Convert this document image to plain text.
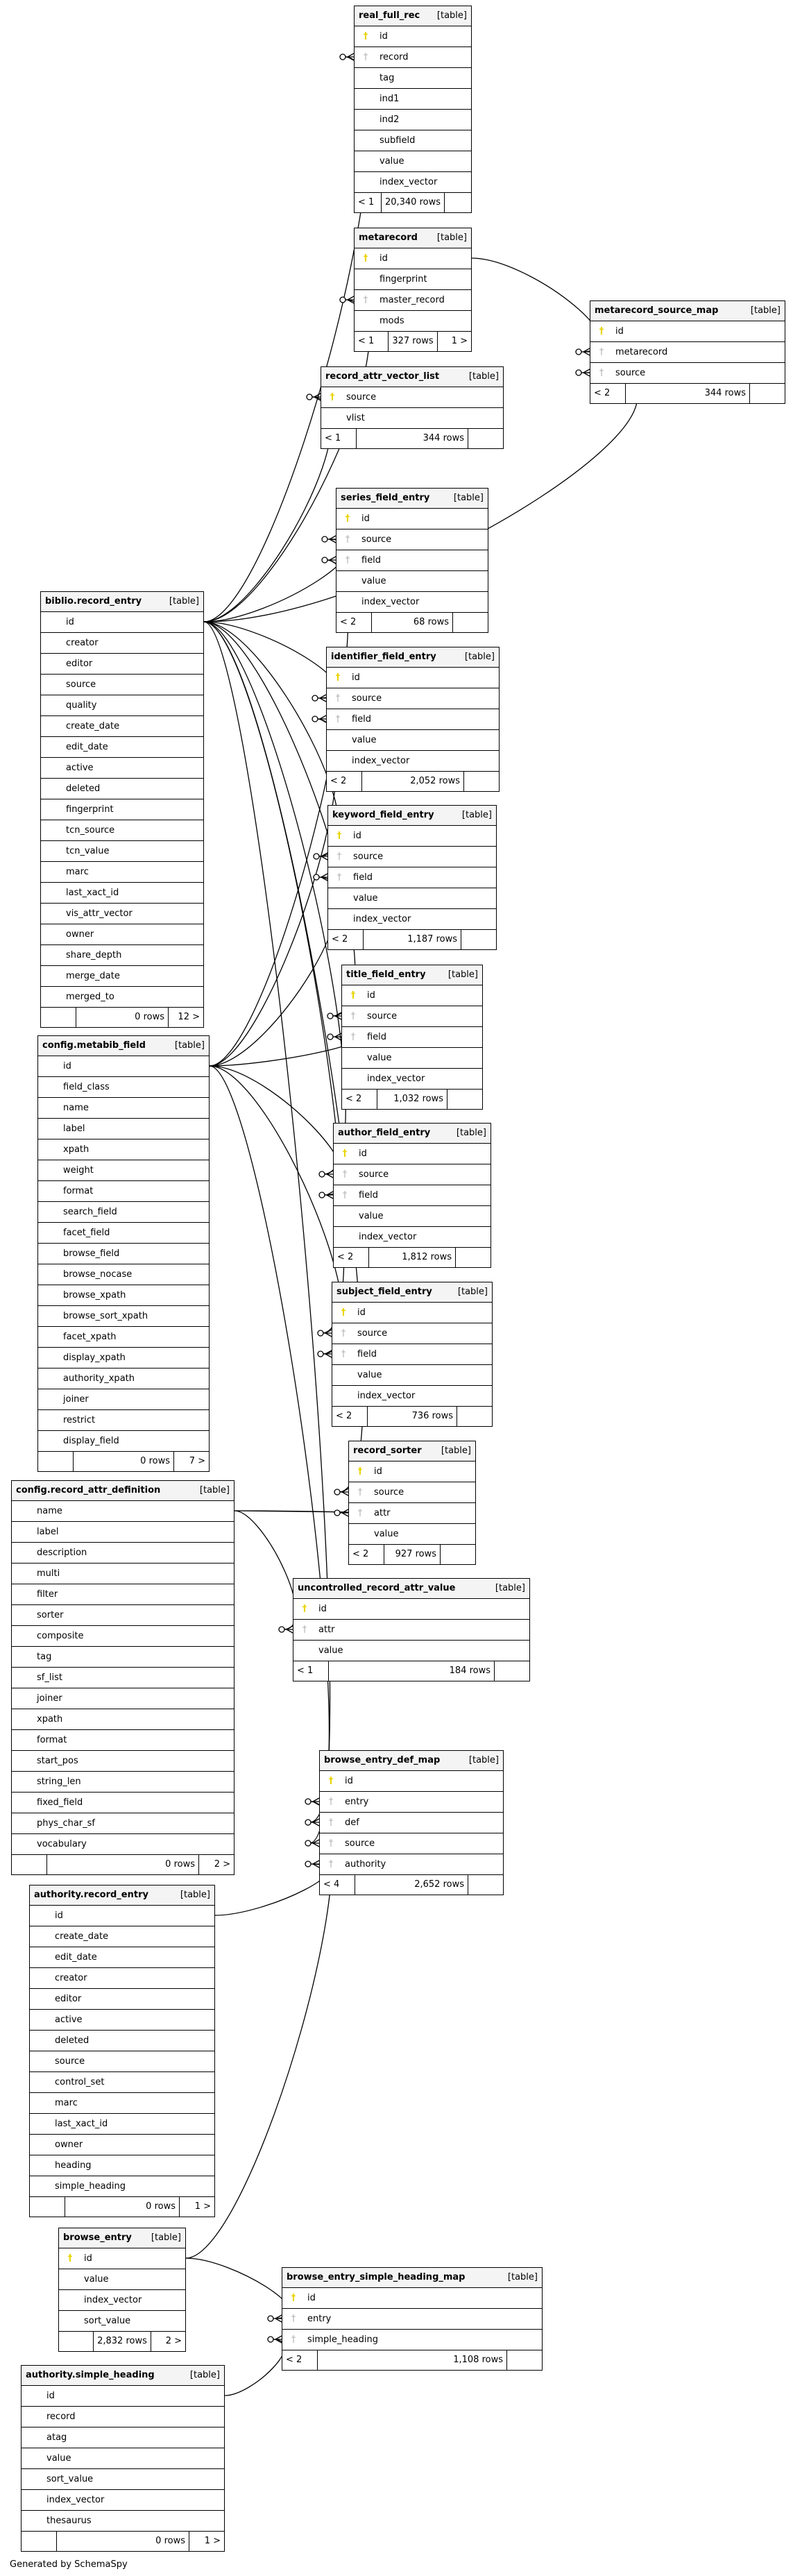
real_full_rec [table]
†	id
†	record
tag
ind1
ind2
subfield
value
index_vector
< 1	20,340 rows
metarecord [table]
†	id
fingerprint
†	master_record
mods
< 1	327 rows	1 >
metarecord_source_map	[table]
†	id
†	metarecord
†	source
< 2	344 rows
record_attr_vector_list	[table]
†	source
vlist
< 1	344 rows
series_field_entry	[table]
†	id
†	source
†	field
value
index_vector
< 2	68 rows
biblio.record_entry	[table]
id
creator
editor
source
quality
create_date
edit_date
active
deleted
fingerprint
tcn_source
tcn_value
marc
last_xact_id
vis_attr_vector
owner
share_depth
merge_date
merged_to
0 rows	12 >
identifier_field_entry	[table]
†	id
†	source
†	field
value
index_vector
< 2	2,052 rows
keyword_field_entry	[table]
†	id
†	source
†	field
value
index_vector
< 2	1,187 rows
title_field_entry [table]
†	id
†	source
†	field
value
index_vector
< 2	1,032 rows
config.metabib_field	[table]
id
field_class
name
label
xpath
weight
format
search_field
facet_field
browse_field
browse_nocase
browse_xpath
browse_sort_xpath
facet_xpath
display_xpath
authority_xpath
joiner
restrict
display_field
0 rows	7 >
author_field_entry	[table]
†	id
†	source
†	field
value
index_vector
< 2	1,812 rows
subject_field_entry	[table]
†	id
†	source
†	field
value
index_vector
< 2	736 rows
record_sorter [table]
†	id
†	source
†	attr
value
< 2	927 rows
config.record_attr_definition	[table]
name
label
description
multi
filter
sorter
composite
tag
sf_list
joiner
xpath
format
start_pos
string_len
fixed_field
phys_char_sf
vocabulary
0 rows	2 >
uncontrolled_record_attr_value	[table]
†	id
†	attr
value
< 1	184 rows
browse_entry_def_map	[table]
†	id
†	entry
†	def
†	source
†	authority
< 4	2,652 rows
authority.record_entry	[table]
id
create_date
edit_date
creator
editor
active
deleted
source
control_set
marc
last_xact_id
owner
heading
simple_heading
0 rows	1 >
browse_entry [table]
†	id
value
index_vector
sort_value
2,832 rows	2 >
browse_entry_simple_heading_map	[table]
†	id
†	entry
†	simple_heading
< 2	1,108 rows
authority.simple_heading	[table]
id
record
atag
value
sort_value
index_vector
thesaurus
0 rows	1 >
Generated by SchemaSpy
